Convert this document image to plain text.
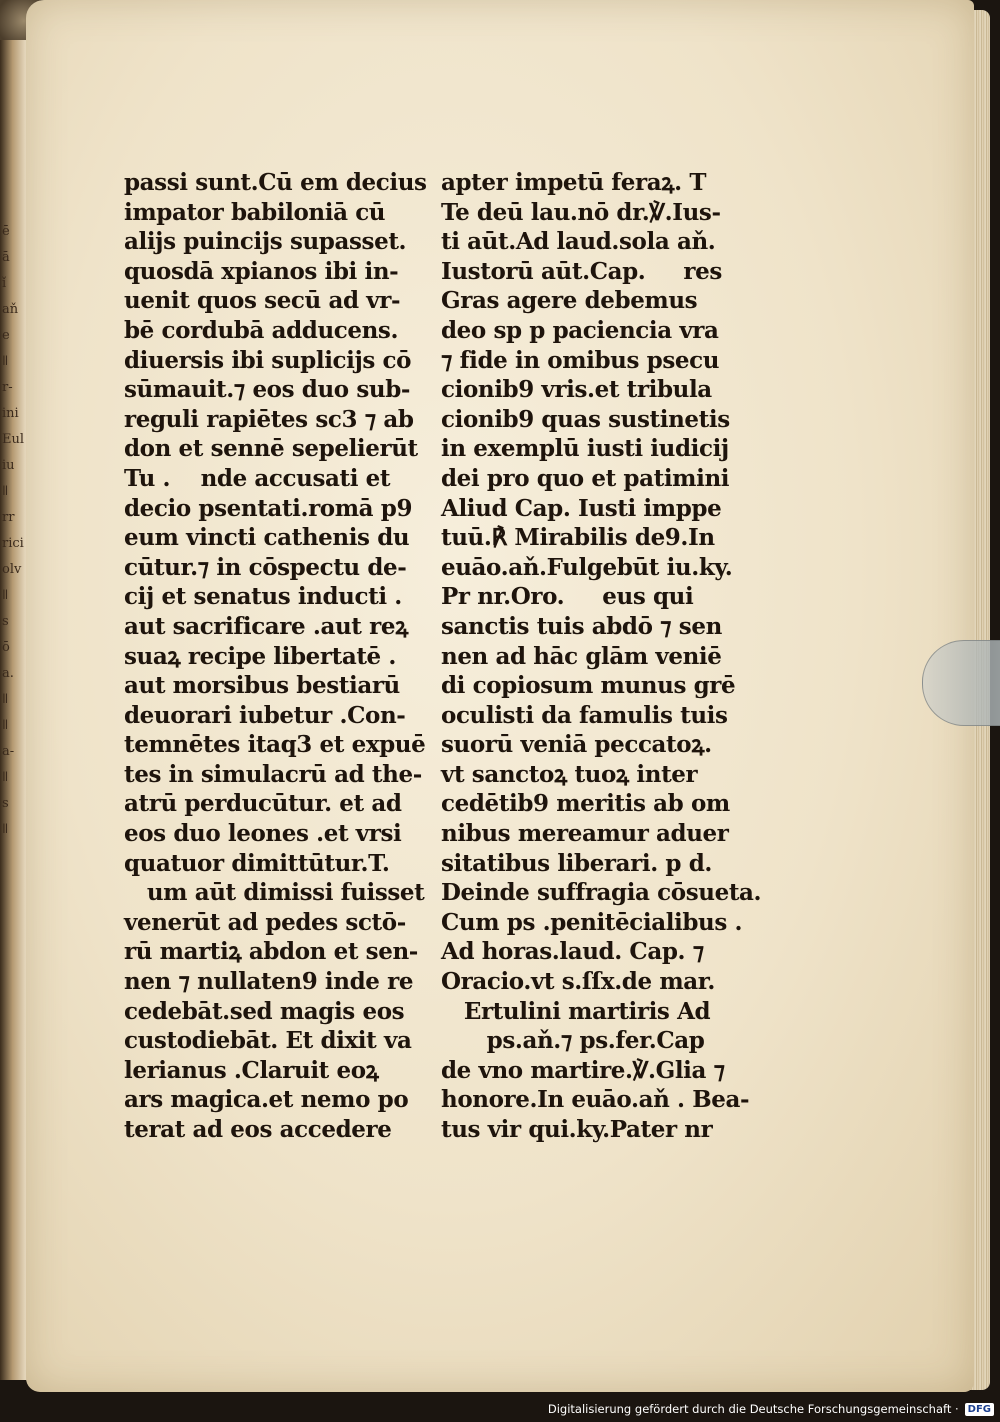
ē
ā
ǐ
aň
e
ǁ
r-
ini
Eul
iu
ǁ
rr
rici
olv
ǁ
s
ō
a.
ǁ
ǁ
a-
ǁ
s
ǁ
passi sunt.Cū em decius
impator babiloniā cū
alijs puincijs supasset.
quosdā xpianos ibi in-
uenit quos secū ad vr-
bē cordubā adducens.
diuersis ibi suplicijs cō
sūmauit.⁊ eos duo sub-
reguli rapiētes sc3 ⁊ ab
don et sennē sepelierūt
Tu .    nde accusati et
decio psentati.romā p9
eum vincti cathenis du
cūtur.⁊ in cōspectu de-
cij et senatus inducti .
aut sacrificare .aut reꝝ
suaꝝ recipe libertatē .
aut morsibus bestiarū
deuorari iubetur .Con-
temnētes itaq3 et expuē
tes in simulacrū ad the-
atrū perducūtur. et ad
eos duo leones .et vrsi
quatuor dimittūtur.T.
um aūt dimissi fuisset
venerūt ad pedes sctō-
rū martiꝝ abdon et sen-
nen ⁊ nullaten9 inde re
cedebāt.sed magis eos
custodiebāt. Et dixit va
lerianus .Claruit eoꝝ
ars magica.et nemo po
terat ad eos accedere
apter impetū feraꝝ. T
Te deū lau.nō dr.℣.Ius-
ti aūt.Ad laud.sola aň.
Iustorū aūt.Cap.     res
Gras agere debemus
deo sp p paciencia vra
⁊ fide in omibus psecu
cionib9 vris.et tribula
cionib9 quas sustinetis
in exemplū iusti iudicij
dei pro quo et patimini
Aliud Cap. Iusti imppe
tuū.℟ Mirabilis de9.In
euāo.aň.Fulgebūt iu.ky.
Pr nr.Oro.     eus qui
sanctis tuis abdō ⁊ sen
nen ad hāc glām veniē
di copiosum munus grē
oculisti da famulis tuis
suorū veniā peccatoꝝ.
vt sanctoꝝ tuoꝝ inter
cedētib9 meritis ab om
nibus mereamur aduer
sitatibus liberari. p d.
Deinde suffragia cōsueta.
Cum ps .penitēcialibus .
Ad horas.laud. Cap. ⁊
Oracio.vt s.ſſx.de mar.
Ertulini martiris Ad
ps.aň.⁊ ps.fer.Cap
de vno martire.℣.Glia ⁊
honore.In euāo.aň . Bea-
tus vir qui.ky.Pater nr
Digitalisierung gefördert durch die Deutsche Forschungsgemeinschaft · DFG
